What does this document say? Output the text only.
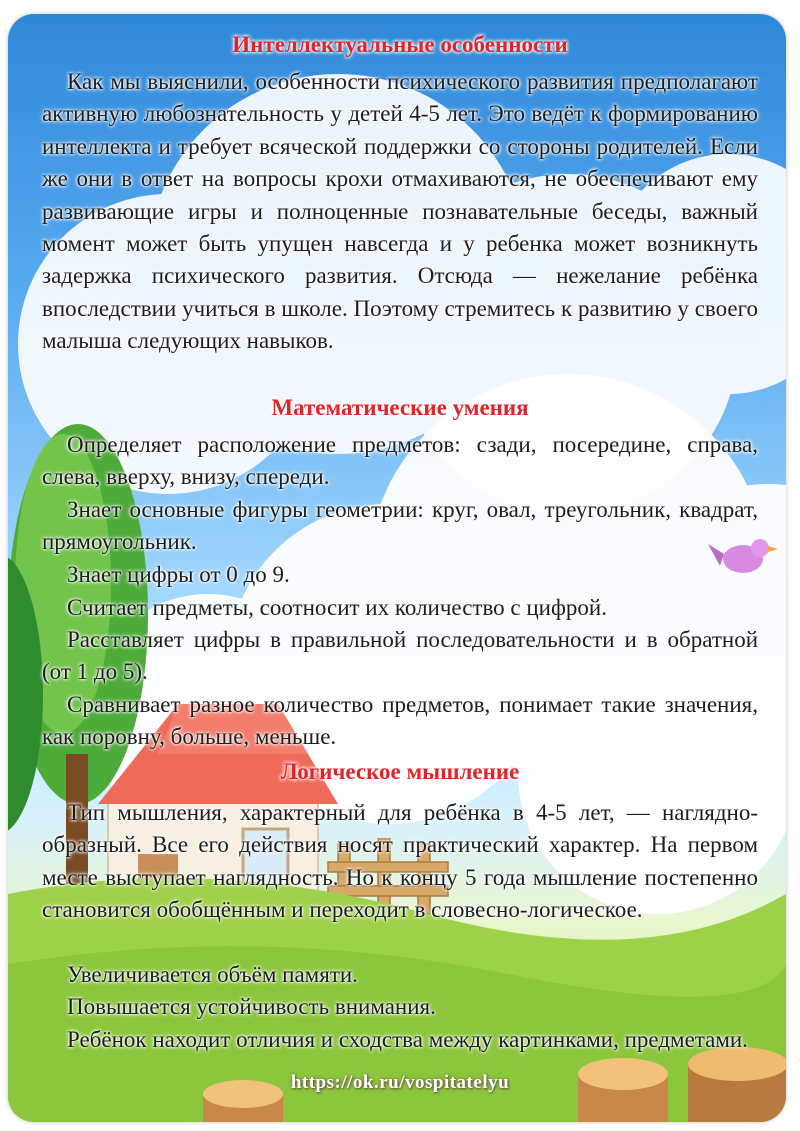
Интеллектуальные особенности

Как мы выяснили, особенности психического развития предполагают активную любознательность у детей 4-5 лет. Это ведёт к формированию интеллекта и требует всяческой поддержки со стороны родителей. Если же они в ответ на вопросы крохи отмахиваются, не обеспечивают ему развивающие игры и полноценные познавательные беседы, важный момент может быть упущен навсегда и у ребенка может возникнуть задержка психического развития. Отсюда — нежелание ребёнка впоследствии учиться в школе. Поэтому стремитесь к развитию у своего малыша следующих навыков.

Математические умения

Определяет расположение предметов: сзади, посередине, справа, слева, вверху, внизу, спереди.

Знает основные фигуры геометрии: круг, овал, треугольник, квадрат, прямоугольник.

Знает цифры от 0 до 9.

Считает предметы, соотносит их количество с цифрой.

Расставляет цифры в правильной последовательности и в обратной (от 1 до 5).

Сравнивает разное количество предметов, понимает такие значения, как поровну, больше, меньше.

Логическое мышление

Тип мышления, характерный для ребёнка в 4-5 лет, — наглядно-образный. Все его действия носят практический характер. На первом месте выступает наглядность. Но к концу 5 года мышление постепенно становится обобщённым и переходит в словесно-логическое.

Увеличивается объём памяти.

Повышается устойчивость внимания.

Ребёнок находит отличия и сходства между картинками, предметами.

https://ok.ru/vospitatelyu
